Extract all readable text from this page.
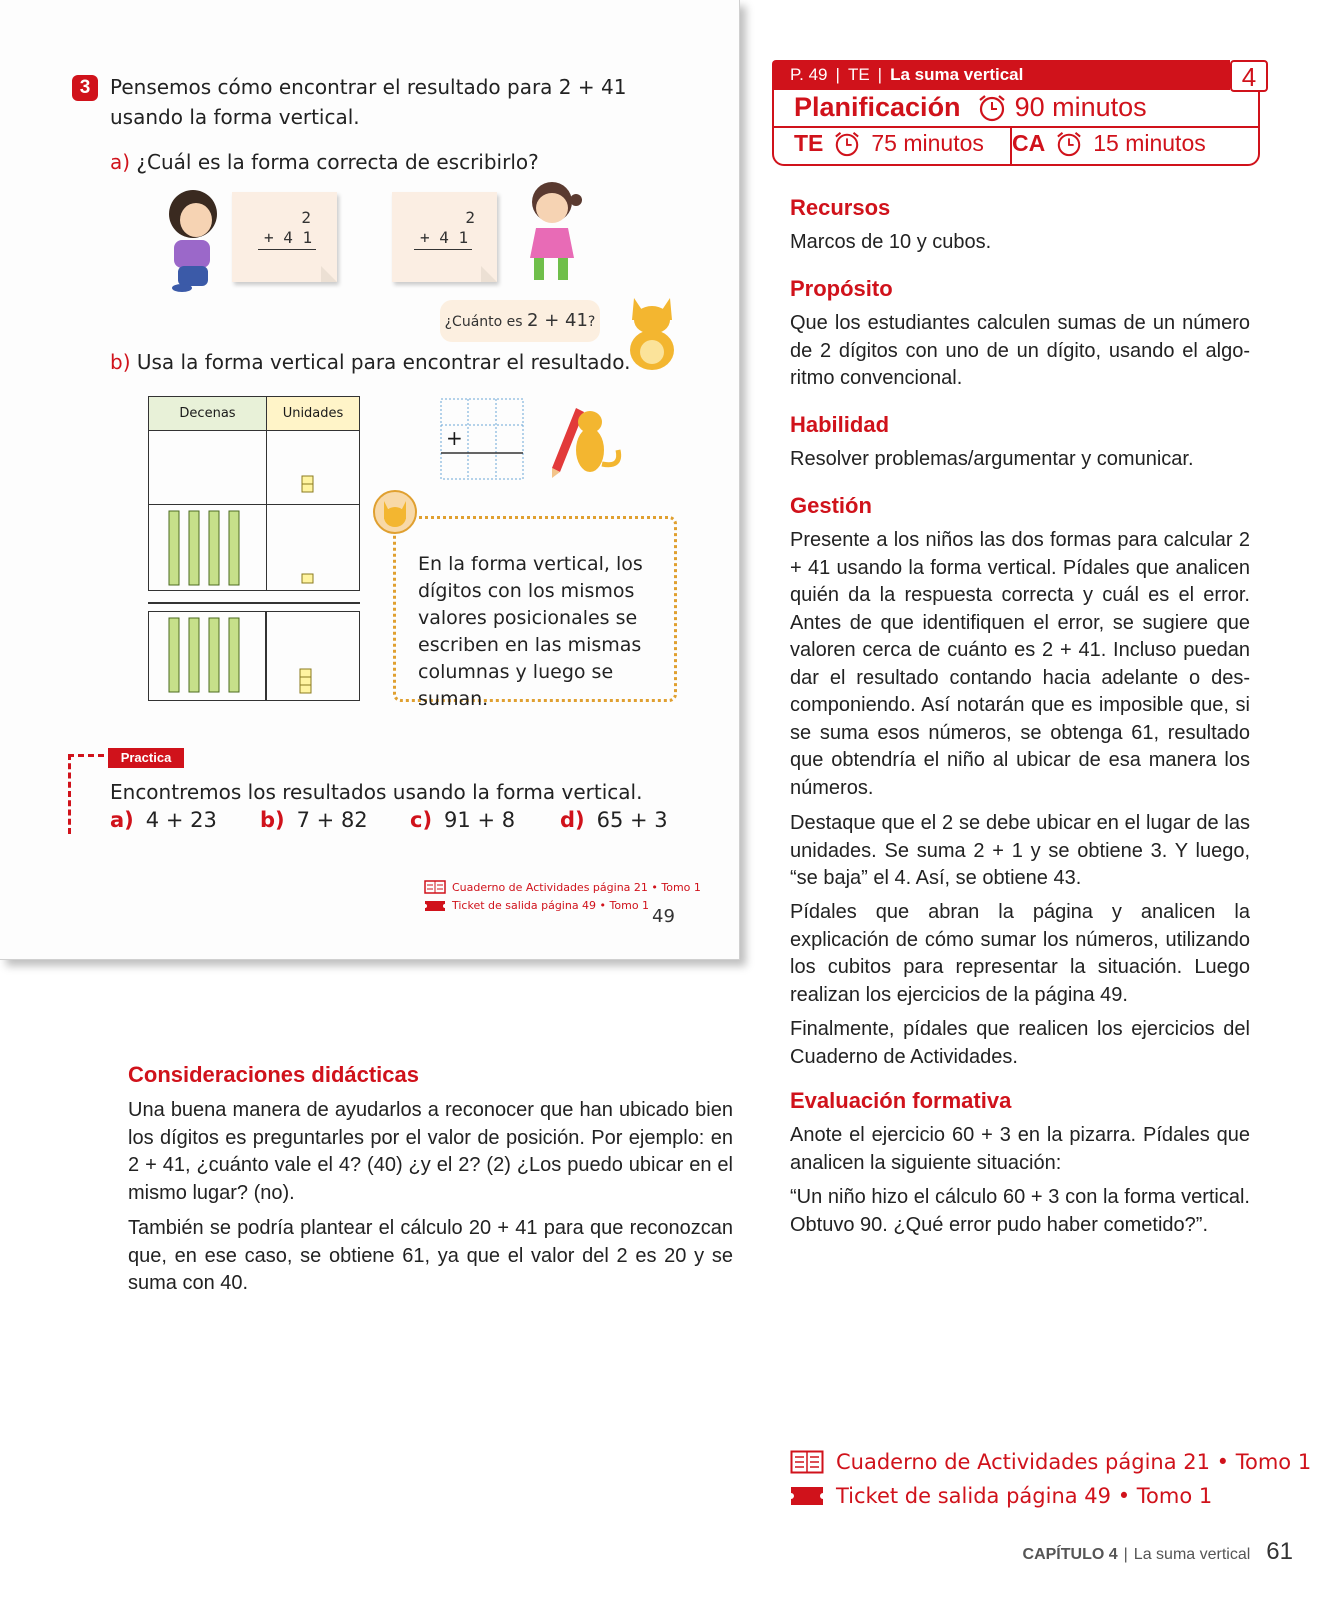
3 Pensemos cómo encontrar el resultado para 2 + 41 usando la forma vertical.
a) ¿Cuál es la forma correcta de escribirlo?
2
+ 4 1
2
+ 4 1
¿Cuánto es 2 + 41?
b) Usa la forma vertical para encontrar el resultado.
Decenas	Unidades

+
En la forma vertical, los dígitos con los mismos valores posicionales se escriben en las mismas columnas y luego se suman.
Practica
Encontremos los resultados usando la forma vertical.
a) 4 + 23	b) 7 + 82	c) 91 + 8	d) 65 + 3
Cuaderno de Actividades página 21 • Tomo 1
Ticket de salida página 49 • Tomo 1
49
P. 49 | TE | La suma vertical	4
Planificación 90 minutos
TE 75 minutos CA 15 minutos
Recursos
Marcos de 10 y cubos.
Propósito
Que los estudiantes calculen sumas de un número de 2 dígitos con uno de un dígito, usando el algo-ritmo convencional.
Habilidad
Resolver problemas/argumentar y comunicar.
Gestión
Presente a los niños las dos formas para calcular 2 + 41 usando la forma vertical. Pídales que analicen quién da la respuesta correcta y cuál es el error. Antes de que identifiquen el error, se sugiere que valoren cerca de cuánto es 2 + 41. Incluso puedan dar el resultado contando hacia adelante o des-componiendo. Así notarán que es imposible que, si se suma esos números, se obtenga 61, resultado que obtendría el niño al ubicar de esa manera los números.
Destaque que el 2 se debe ubicar en el lugar de las unidades. Se suma 2 + 1 y se obtiene 3. Y luego, “se baja” el 4. Así, se obtiene 43.
Pídales que abran la página y analicen la explicación de cómo sumar los números, utilizando los cubitos para representar la situación. Luego realizan los ejercicios de la página 49.
Finalmente, pídales que realicen los ejercicios del Cuaderno de Actividades.
Evaluación formativa
Anote el ejercicio 60 + 3 en la pizarra. Pídales que analicen la siguiente situación:
“Un niño hizo el cálculo 60 + 3 con la forma vertical. Obtuvo 90. ¿Qué error pudo haber cometido?”.
Consideraciones didácticas
Una buena manera de ayudarlos a reconocer que han ubicado bien los dígitos es preguntarles por el valor de posición. Por ejemplo: en 2 + 41, ¿cuánto vale el 4? (40) ¿y el 2? (2) ¿Los puedo ubicar en el mismo lugar? (no).
También se podría plantear el cálculo 20 + 41 para que reconozcan que, en ese caso, se obtiene 61, ya que el valor del 2 es 20 y se suma con 40.
Cuaderno de Actividades página 21 • Tomo 1
Ticket de salida página 49 • Tomo 1
CAPÍTULO 4 | La suma vertical 61
